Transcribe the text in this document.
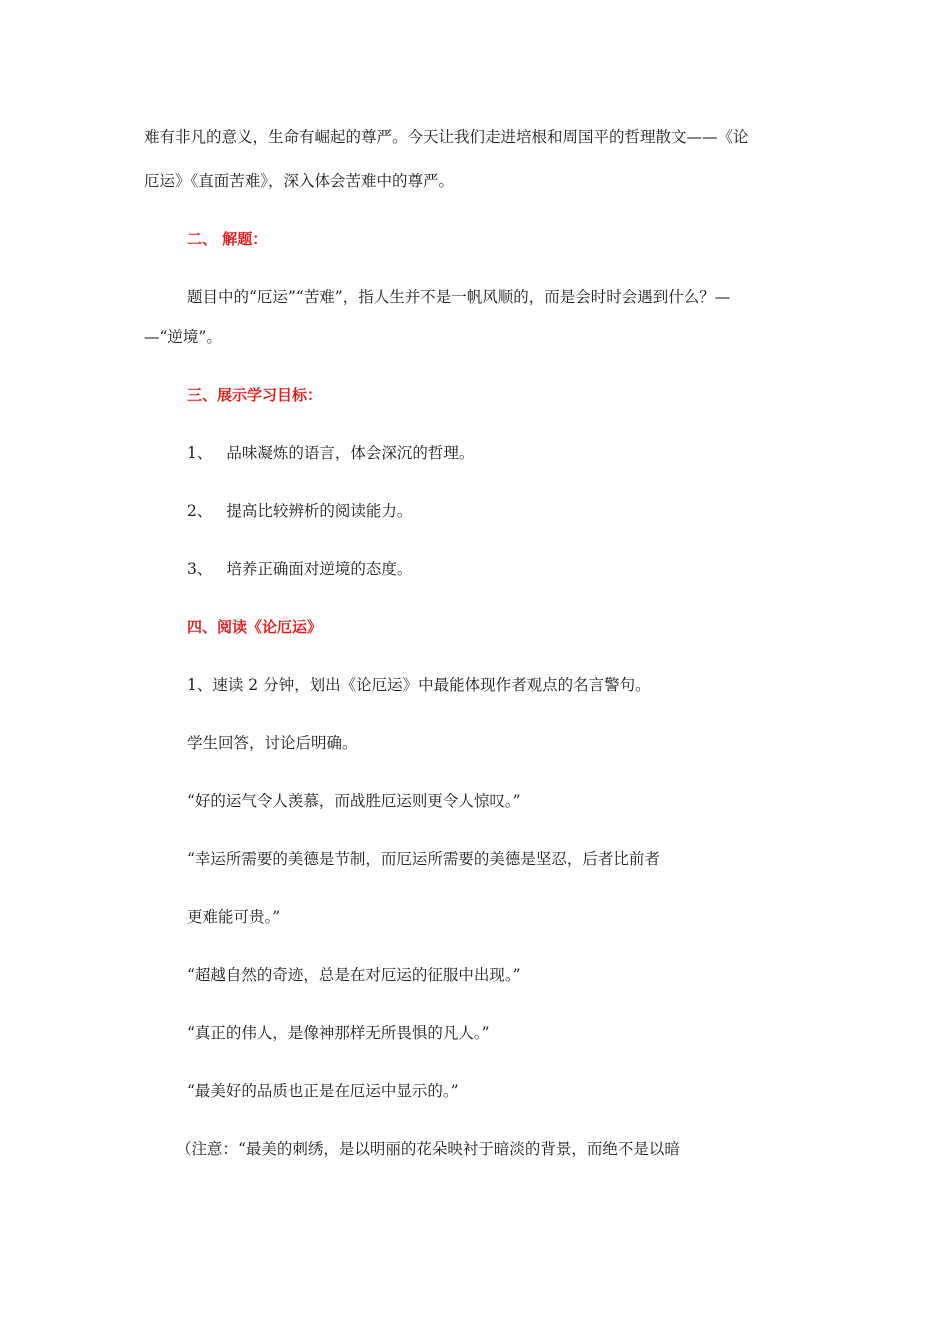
难有非凡的意义，生命有崛起的尊严。今天让我们走进培根和周国平的哲理散文——《论
厄运》《直面苦难》，深入体会苦难中的尊严。
二、 解题：
题目中的“厄运”“苦难”，指人生并不是一帆风顺的，而是会时时会遇到什么？—
—“逆境”。
三、展示学习目标：
1、 品味凝炼的语言，体会深沉的哲理。
2、 提高比较辨析的阅读能力。
3、 培养正确面对逆境的态度。
四、阅读《论厄运》
1、速读 2 分钟，划出《论厄运》中最能体现作者观点的名言警句。
学生回答，讨论后明确。
“好的运气令人羡慕，而战胜厄运则更令人惊叹。”
“幸运所需要的美德是节制，而厄运所需要的美德是坚忍，后者比前者
更难能可贵。”
“超越自然的奇迹，总是在对厄运的征服中出现。”
“真正的伟人，是像神那样无所畏惧的凡人。”
“最美好的品质也正是在厄运中显示的。”
（注意：“最美的刺绣，是以明丽的花朵映衬于暗淡的背景，而绝不是以暗
